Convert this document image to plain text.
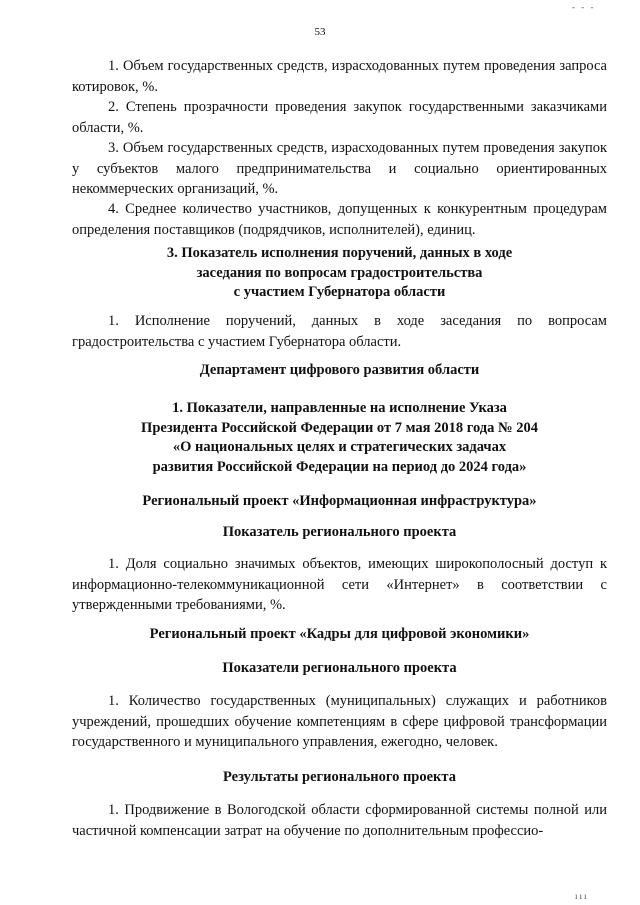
53
- - -

1. Объем государственных средств, израсходованных путем проведения запроса котировок, %.

2. Степень прозрачности проведения закупок государственными заказчиками области, %.

3. Объем государственных средств, израсходованных путем проведения закупок у субъектов малого предпринимательства и социально ориентированных некоммерческих организаций, %.

4. Среднее количество участников, допущенных к конкурентным процедурам определения поставщиков (подрядчиков, исполнителей), единиц.

3. Показатель исполнения поручений, данных в ходе
заседания по вопросам градостроительства
с участием Губернатора области

1. Исполнение поручений, данных в ходе заседания по вопросам градостроительства с участием Губернатора области.

Департамент цифрового развития области
1. Показатели, направленные на исполнение Указа
Президента Российской Федерации от 7 мая 2018 года № 204
«О национальных целях и стратегических задачах
развития Российской Федерации на период до 2024 года»
Региональный проект «Информационная инфраструктура»
Показатель регионального проекта

1. Доля социально значимых объектов, имеющих широкополосный доступ к информационно-телекоммуникационной сети «Интернет» в соответствии с утвержденными требованиями, %.

Региональный проект «Кадры для цифровой экономики»
Показатели регионального проекта

1. Количество государственных (муниципальных) служащих и работников учреждений, прошедших обучение компетенциям в сфере цифровой трансформации государственного и муниципального управления, ежегодно, человек.

Результаты регионального проекта

1. Продвижение в Вологодской области сформированной системы полной или частичной компенсации затрат на обучение по дополнительным профессио-

ııı
